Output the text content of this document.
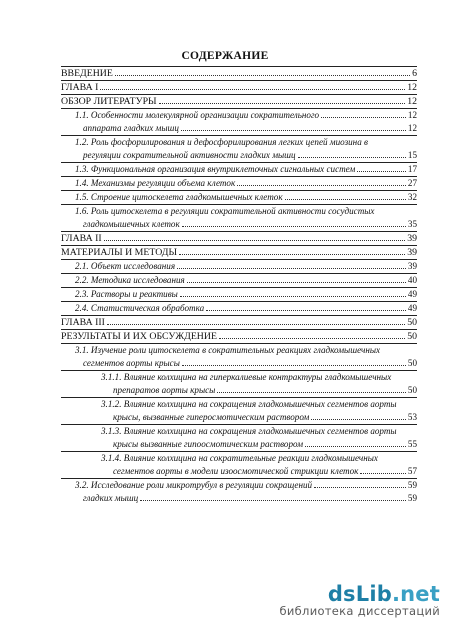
СОДЕРЖАНИЕ
ВВЕДЕНИЕ	6
ГЛАВА I	12
ОБЗОР ЛИТЕРАТУРЫ	12
1.1. Особенности молекулярной организации сократительного	12
аппарата гладких мышц	12
1.2. Роль фосфорилирования и дефосфорилирования легких цепей миозина в
регуляции сократительной активности гладких мышц	15
1.3. Функциональная организация внутриклеточных сигнальных систем	17
1.4. Механизмы регуляции объема клеток	27
1.5. Строение цитоскелета гладкомышечных клеток	32
1.6. Роль цитоскелета в регуляции сократительной активности сосудистых
гладкомышечных клеток	35
ГЛАВА II	39
МАТЕРИАЛЫ И МЕТОДЫ	39
2.1. Объект исследования	39
2.2. Методика исследования	40
2.3. Растворы и реактивы	49
2.4. Статистическая обработка	49
ГЛАВА III	50
РЕЗУЛЬТАТЫ И ИХ ОБСУЖДЕНИЕ	50
3.1. Изучение роли цитоскелета в сократительных реакциях гладкомышечных
сегментов аорты крысы	50
3.1.1. Влияние колхицина на гиперкалиевые контрактуры гладкомышечных
препаратов аорты крысы	50
3.1.2. Влияние колхицина на сокращения гладкомышечных сегментов аорты
крысы, вызванные гиперосмотическим раствором	53
3.1.3. Влияние колхицина на сокращения гладкомышечных сегментов аорты
крысы вызванные гипоосмотическим раствором	55
3.1.4. Влияние колхицина на сократительные реакции гладкомышечных
сегментов аорты в модели изоосмотической стрикции клеток	57
3.2. Исследование роли микротрубул в регуляции сокращений	59
гладких мышц	59
dsLib.net
библиотека диссертаций
